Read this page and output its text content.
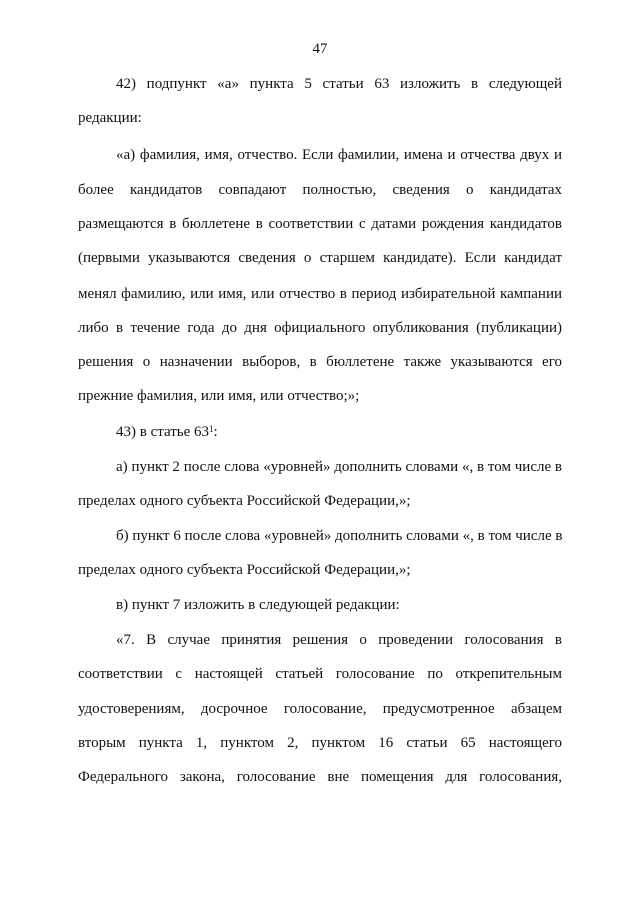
47
42) подпункт «а» пункта 5 статьи 63 изложить в следующей
редакции:
«а) фамилия, имя, отчество. Если фамилии, имена и отчества двух и
более кандидатов совпадают полностью, сведения о кандидатах
размещаются в бюллетене в соответствии с датами рождения кандидатов
(первыми указываются сведения о старшем кандидате). Если кандидат
менял фамилию, или имя, или отчество в период избирательной кампании
либо в течение года до дня официального опубликования (публикации)
решения о назначении выборов, в бюллетене также указываются его
прежние фамилия, или имя, или отчество;»;
43) в статье $63^1$:
а) пункт 2 после слова «уровней» дополнить словами «, в том числе в
пределах одного субъекта Российской Федерации,»;
б) пункт 6 после слова «уровней» дополнить словами «, в том числе в
пределах одного субъекта Российской Федерации,»;
в) пункт 7 изложить в следующей редакции:
«7. В случае принятия решения о проведении голосования в
соответствии с настоящей статьей голосование по открепительным
удостоверениям, досрочное голосование, предусмотренное абзацем
вторым пункта 1, пунктом 2, пунктом 16 статьи 65 настоящего
Федерального закона, голосование вне помещения для голосования,
